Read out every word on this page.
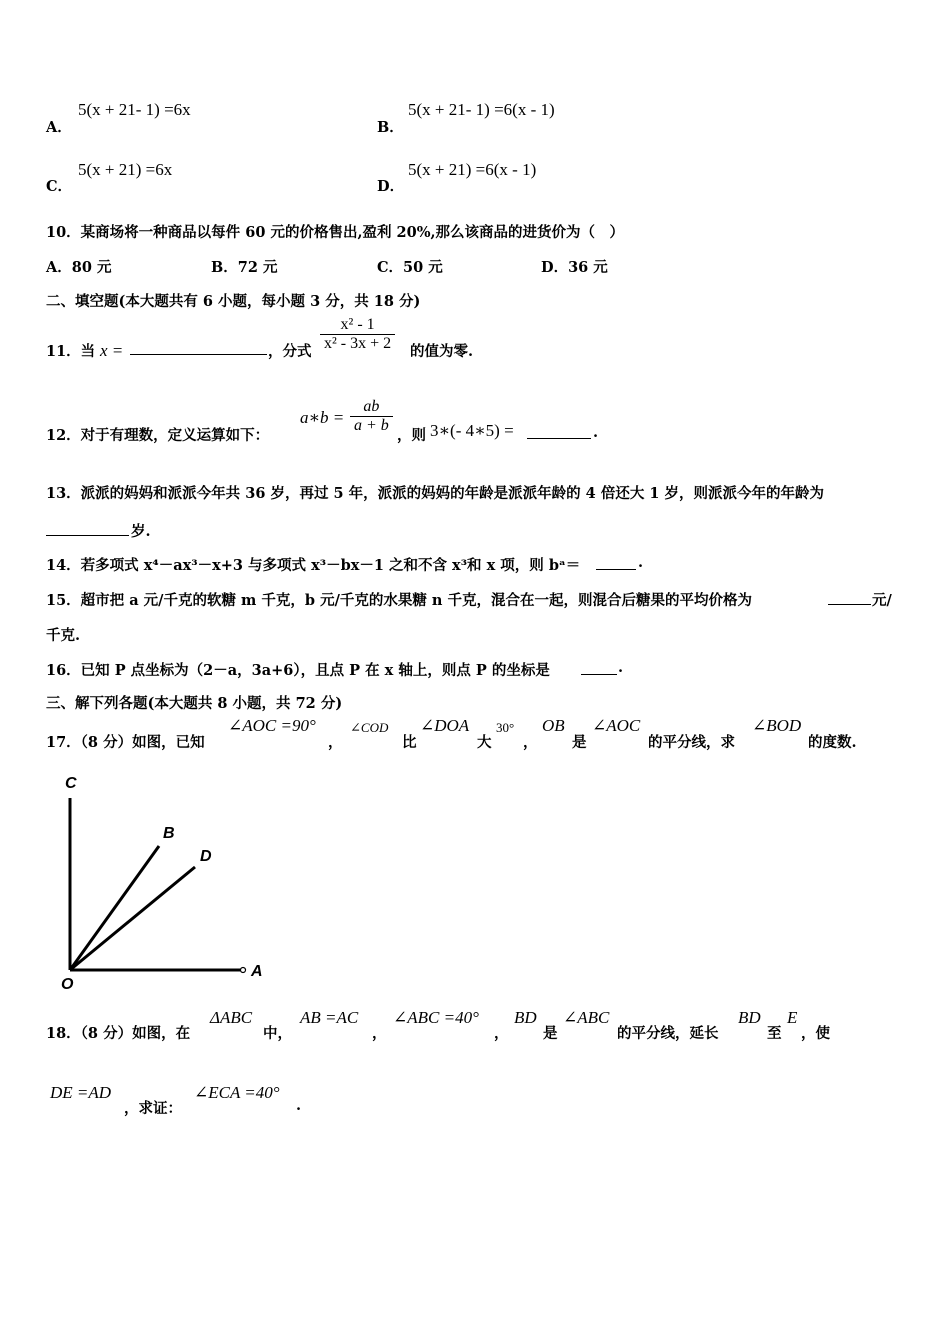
A．
5(x + 21- 1) =6x
B．
5(x + 21- 1) =6(x - 1)
C．
5(x + 21) =6x
D．
5(x + 21) =6(x - 1)
10．某商场将一种商品以每件 60 元的价格售出,盈利 20%,那么该商品的进货价为（　）
A．80 元	B．72 元	C．50 元	D．36 元
二、填空题(本大题共有 6 小题，每小题 3 分，共 18 分)
11．当 x =	，分式 $\frac{\text{x² - 1}}{\text{x² - 3x + 2}}$ 的值为零.
12．对于有理数，定义运算如下：
a∗b = $\frac{ab}{a + b}$
，则 3∗(- 4∗5) =	.
13．派派的妈妈和派派今年共 36 岁，再过 5 年，派派的妈妈的年龄是派派年龄的 4 倍还大 1 岁，则派派今年的年龄为
岁.
14．若多项式 x⁴－ax³－x+3 与多项式 x³－bx－1 之和不含 x³和 x 项，则 bᵃ＝	.
15．超市把 a 元/千克的软糖 m 千克，b 元/千克的水果糖 n 千克，混合在一起，则混合后糖果的平均价格为	元/
千克.
16．已知 P 点坐标为（2－a，3a+6），且点 P 在 x 轴上，则点 P 的坐标是	.
三、解下列各题(本大题共 8 小题，共 72 分)
17．（8 分）如图，已知
∠AOC =90°
，
∠COD
比
∠DOA
大
30°
，
OB
是
∠AOC
的平分线，求
∠BOD
的度数.
C
B
D
O
A
18．（8 分）如图，在
ΔABC
中，
AB =AC
，
∠ABC =40°
，
BD
是
∠ABC
的平分线，延长
BD
至
E
，使
DE =AD
，求证：
∠ECA =40°
.
